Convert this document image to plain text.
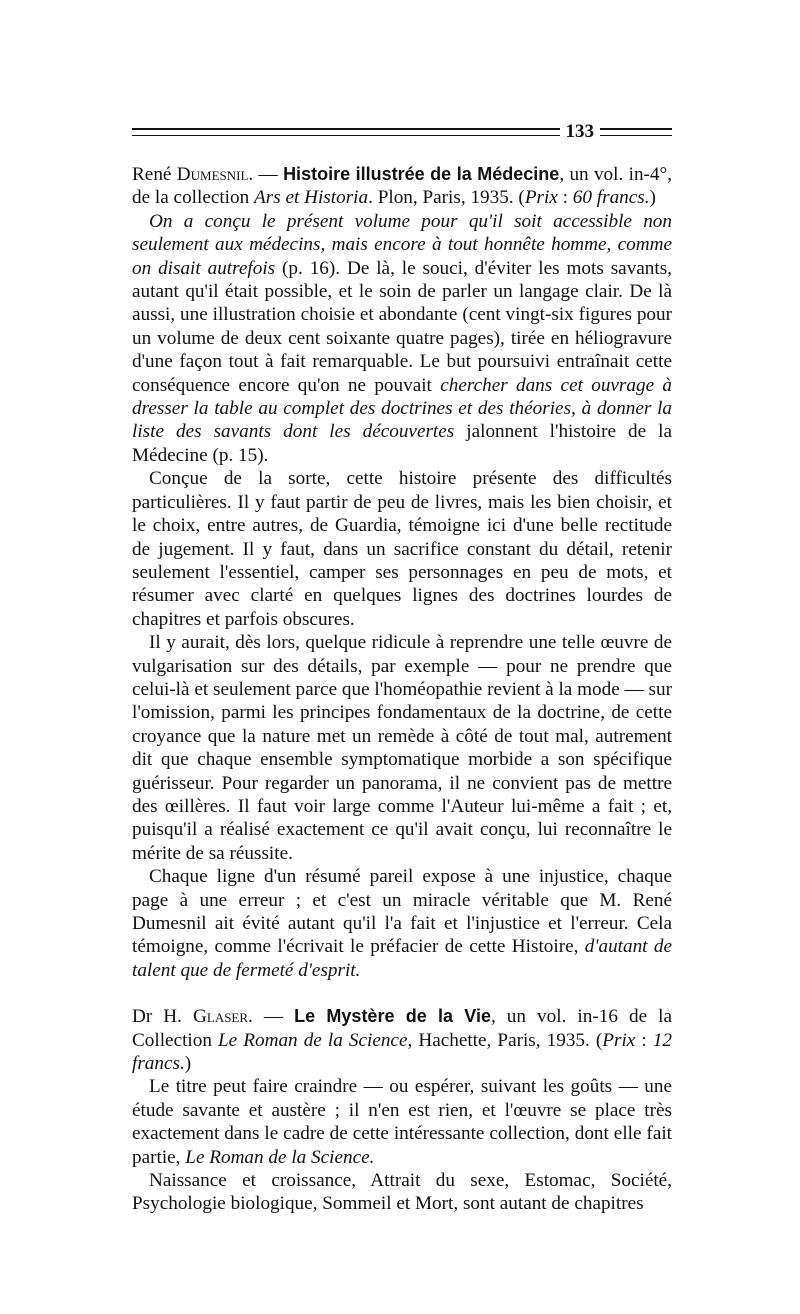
133

René Dumesnil. — Histoire illustrée de la Médecine, un vol. in-4°, de la collection Ars et Historia. Plon, Paris, 1935. (Prix : 60 francs.)

On a conçu le présent volume pour qu'il soit accessible non seulement aux médecins, mais encore à tout honnête homme, comme on disait autrefois (p. 16). De là, le souci, d'éviter les mots savants, autant qu'il était possible, et le soin de parler un langage clair. De là aussi, une illustration choisie et abondante (cent vingt-six figures pour un volume de deux cent soixante quatre pages), tirée en héliogravure d'une façon tout à fait remarquable. Le but poursuivi entraînait cette conséquence encore qu'on ne pouvait chercher dans cet ouvrage à dresser la table au complet des doctrines et des théories, à donner la liste des savants dont les découvertes jalonnent l'histoire de la Médecine (p. 15).

Conçue de la sorte, cette histoire présente des difficultés particulières. Il y faut partir de peu de livres, mais les bien choisir, et le choix, entre autres, de Guardia, témoigne ici d'une belle rectitude de jugement. Il y faut, dans un sacrifice constant du détail, retenir seulement l'essentiel, camper ses personnages en peu de mots, et résumer avec clarté en quelques lignes des doctrines lourdes de chapitres et parfois obscures.

Il y aurait, dès lors, quelque ridicule à reprendre une telle œuvre de vulgarisation sur des détails, par exemple — pour ne prendre que celui-là et seulement parce que l'homéopathie revient à la mode — sur l'omission, parmi les principes fondamentaux de la doctrine, de cette croyance que la nature met un remède à côté de tout mal, autrement dit que chaque ensemble symptomatique morbide a son spécifique guérisseur. Pour regarder un panorama, il ne convient pas de mettre des œillères. Il faut voir large comme l'Auteur lui-même a fait ; et, puisqu'il a réalisé exactement ce qu'il avait conçu, lui reconnaître le mérite de sa réussite.

Chaque ligne d'un résumé pareil expose à une injustice, chaque page à une erreur ; et c'est un miracle véritable que M. René Dumesnil ait évité autant qu'il l'a fait et l'injustice et l'erreur. Cela témoigne, comme l'écrivait le préfacier de cette Histoire, d'autant de talent que de fermeté d'esprit.

Dr H. Glaser. — Le Mystère de la Vie, un vol. in-16 de la Collection Le Roman de la Science, Hachette, Paris, 1935. (Prix : 12 francs.)

Le titre peut faire craindre — ou espérer, suivant les goûts — une étude savante et austère ; il n'en est rien, et l'œuvre se place très exactement dans le cadre de cette intéressante collection, dont elle fait partie, Le Roman de la Science.

Naissance et croissance, Attrait du sexe, Estomac, Société, Psychologie biologique, Sommeil et Mort, sont autant de chapitres
